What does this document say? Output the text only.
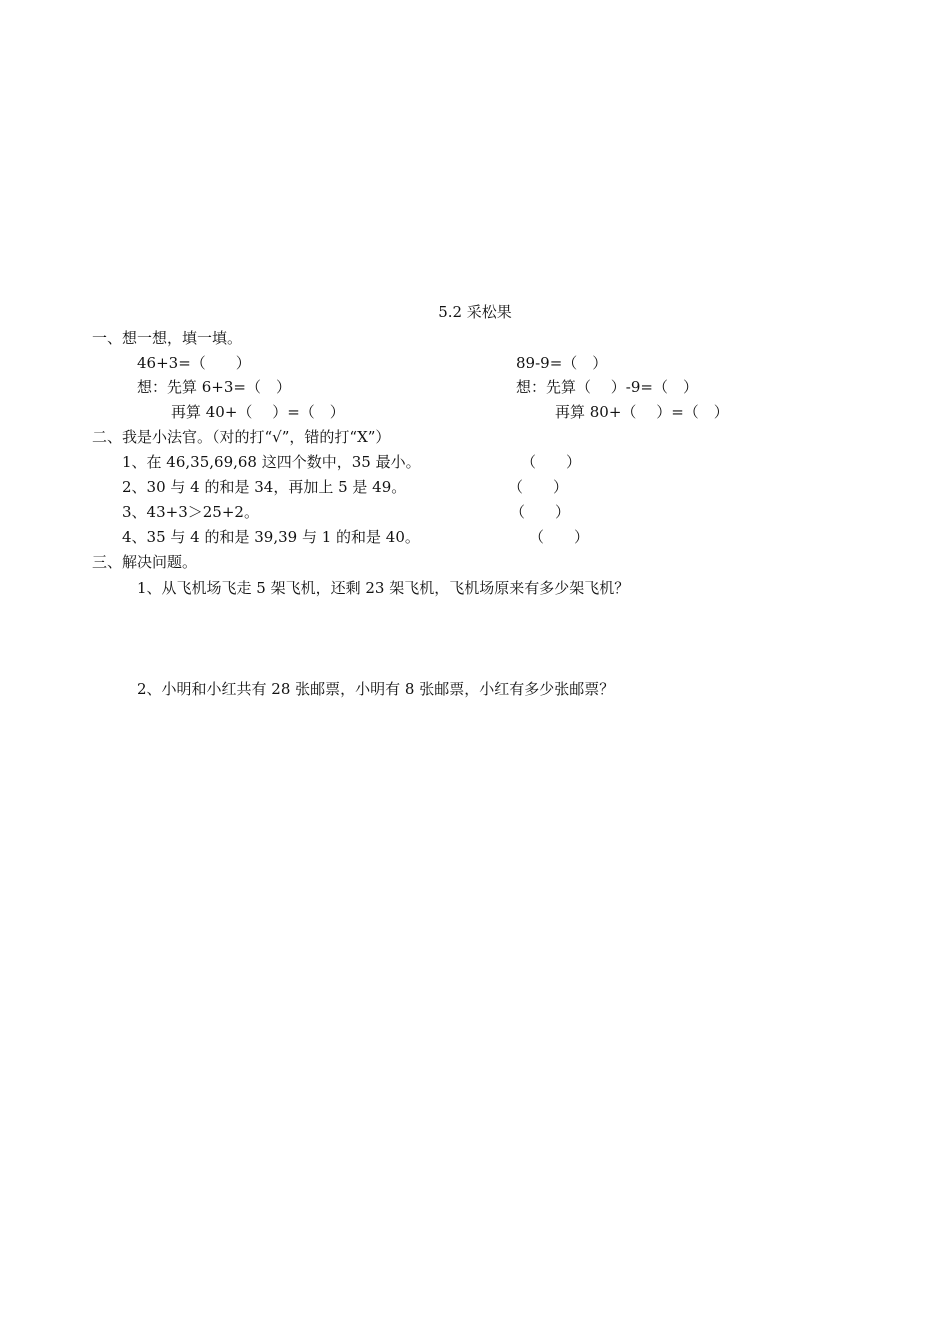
5.2 采松果
一、想一想，填一填。
46+3=（　　）	89-9=（　）
想：先算 6+3=（　）	想：先算（　 ）-9=（　）
再算 40+（　 ）=（　）	再算 80+（　 ）=（　）
二、我是小法官。（对的打“√”，错的打“X”）
1、在 46,35,69,68 这四个数中，35 最小。	（　　）
2、30 与 4 的和是 34，再加上 5 是 49。	（　　）
3、43+3＞25+2。	（　　）
4、35 与 4 的和是 39,39 与 1 的和是 40。	（　　）
三、解决问题。
1、从飞机场飞走 5 架飞机，还剩 23 架飞机，飞机场原来有多少架飞机？
2、小明和小红共有 28 张邮票，小明有 8 张邮票，小红有多少张邮票？
